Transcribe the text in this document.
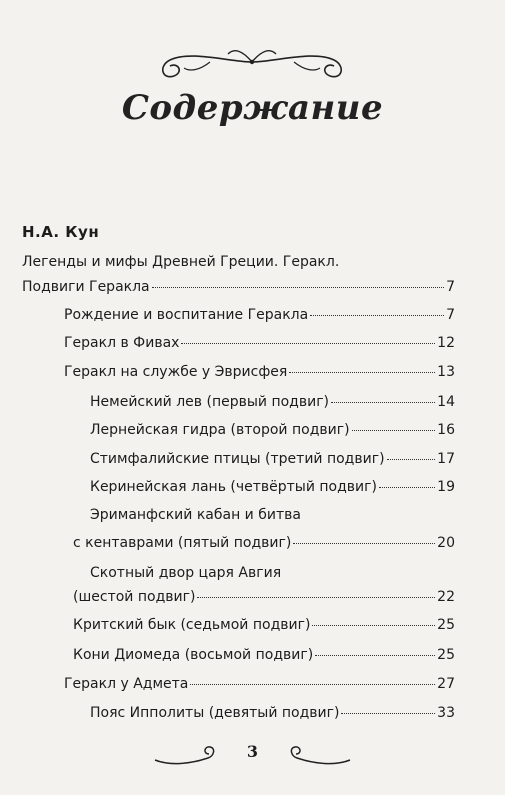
Содержание
Н.А. Кун
Легенды и мифы Древней Греции. Геракл.
Подвиги Геракла	7
Рождение и воспитание Геракла	7
Геракл в Фивах	12
Геракл на службе у Эврисфея	13
Немейский лев (первый подвиг)	14
Лернейская гидра (второй подвиг)	16
Стимфалийские птицы (третий подвиг)	17
Керинейская лань (четвёртый подвиг)	19
Эриманфский кабан и битва
с кентаврами (пятый подвиг)	20
Скотный двор царя Авгия
(шестой подвиг)	22
Критский бык (седьмой подвиг)	25
Кони Диомеда (восьмой подвиг)	25
Геракл у Адмета	27
Пояс Ипполиты (девятый подвиг)	33
3
